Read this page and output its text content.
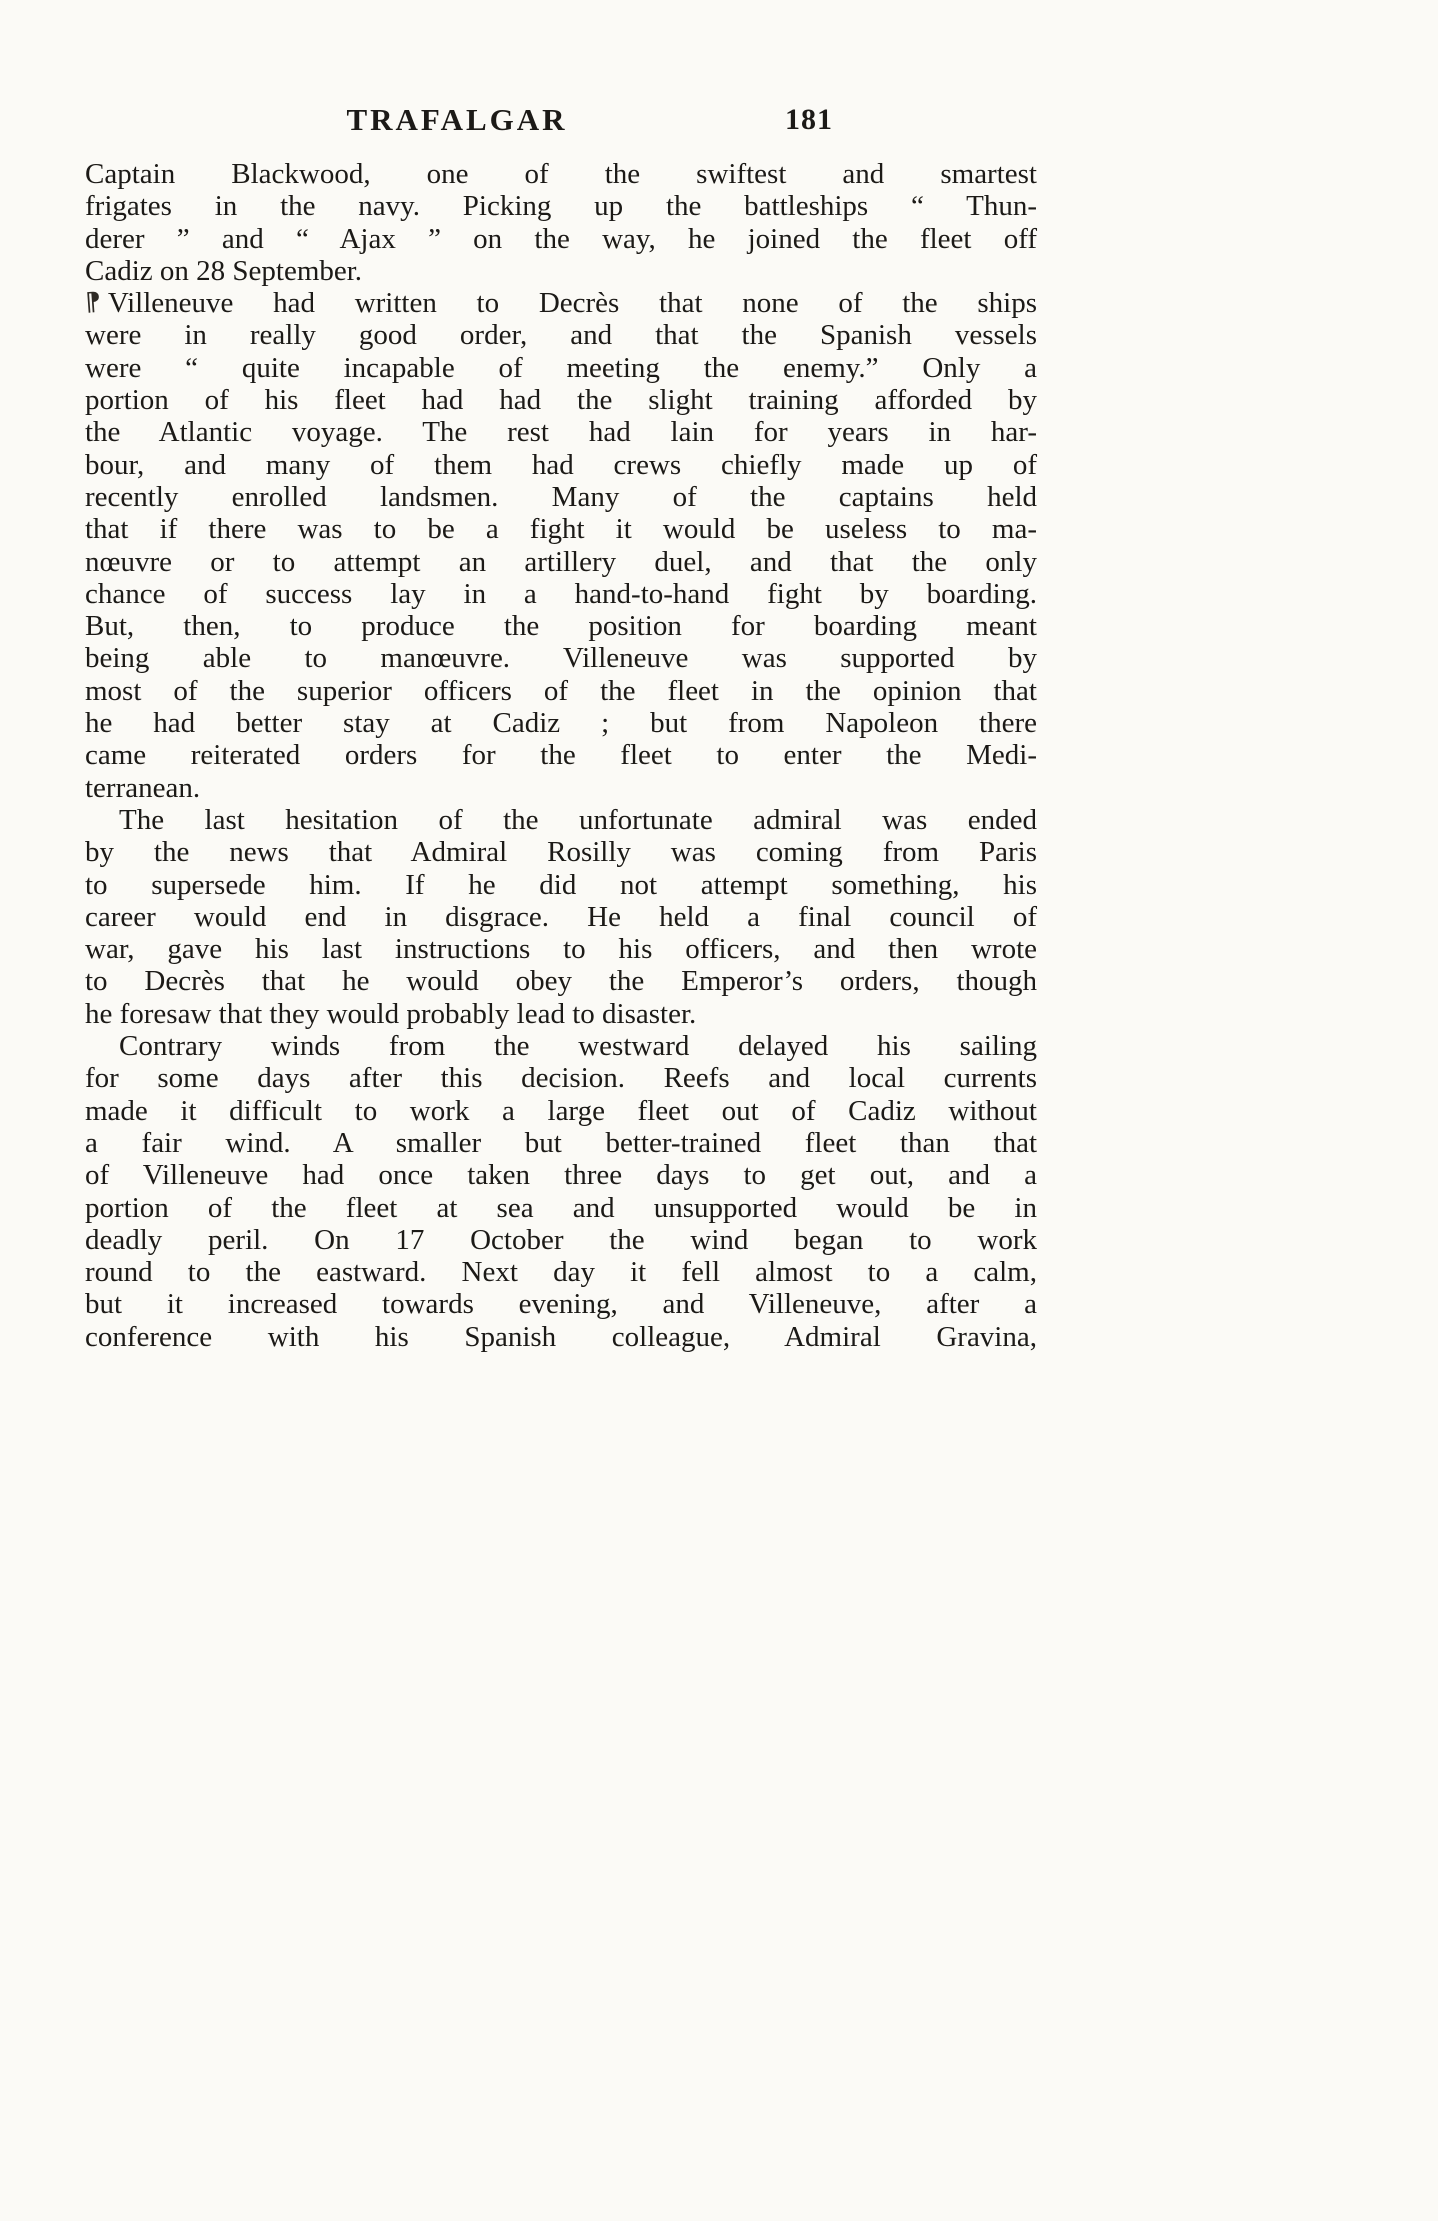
TRAFALGAR	181
Captain Blackwood, one of the swiftest and smartest
frigates in the navy. Picking up the battleships “ Thun-
derer ” and “ Ajax ” on the way, he joined the fleet off
Cadiz on 28 September.
⁋ Villeneuve had written to Decrès that none of the ships
were in really good order, and that the Spanish vessels
were “ quite incapable of meeting the enemy.” Only a
portion of his fleet had had the slight training afforded by
the Atlantic voyage. The rest had lain for years in har-
bour, and many of them had crews chiefly made up of
recently enrolled landsmen. Many of the captains held
that if there was to be a fight it would be useless to ma-
nœuvre or to attempt an artillery duel, and that the only
chance of success lay in a hand-to-hand fight by boarding.
But, then, to produce the position for boarding meant
being able to manœuvre. Villeneuve was supported by
most of the superior officers of the fleet in the opinion that
he had better stay at Cadiz ; but from Napoleon there
came reiterated orders for the fleet to enter the Medi-
terranean.
The last hesitation of the unfortunate admiral was ended
by the news that Admiral Rosilly was coming from Paris
to supersede him. If he did not attempt something, his
career would end in disgrace. He held a final council of
war, gave his last instructions to his officers, and then wrote
to Decrès that he would obey the Emperor’s orders, though
he foresaw that they would probably lead to disaster.
Contrary winds from the westward delayed his sailing
for some days after this decision. Reefs and local currents
made it difficult to work a large fleet out of Cadiz without
a fair wind. A smaller but better-trained fleet than that
of Villeneuve had once taken three days to get out, and a
portion of the fleet at sea and unsupported would be in
deadly peril. On 17 October the wind began to work
round to the eastward. Next day it fell almost to a calm,
but it increased towards evening, and Villeneuve, after a
conference with his Spanish colleague, Admiral Gravina,
